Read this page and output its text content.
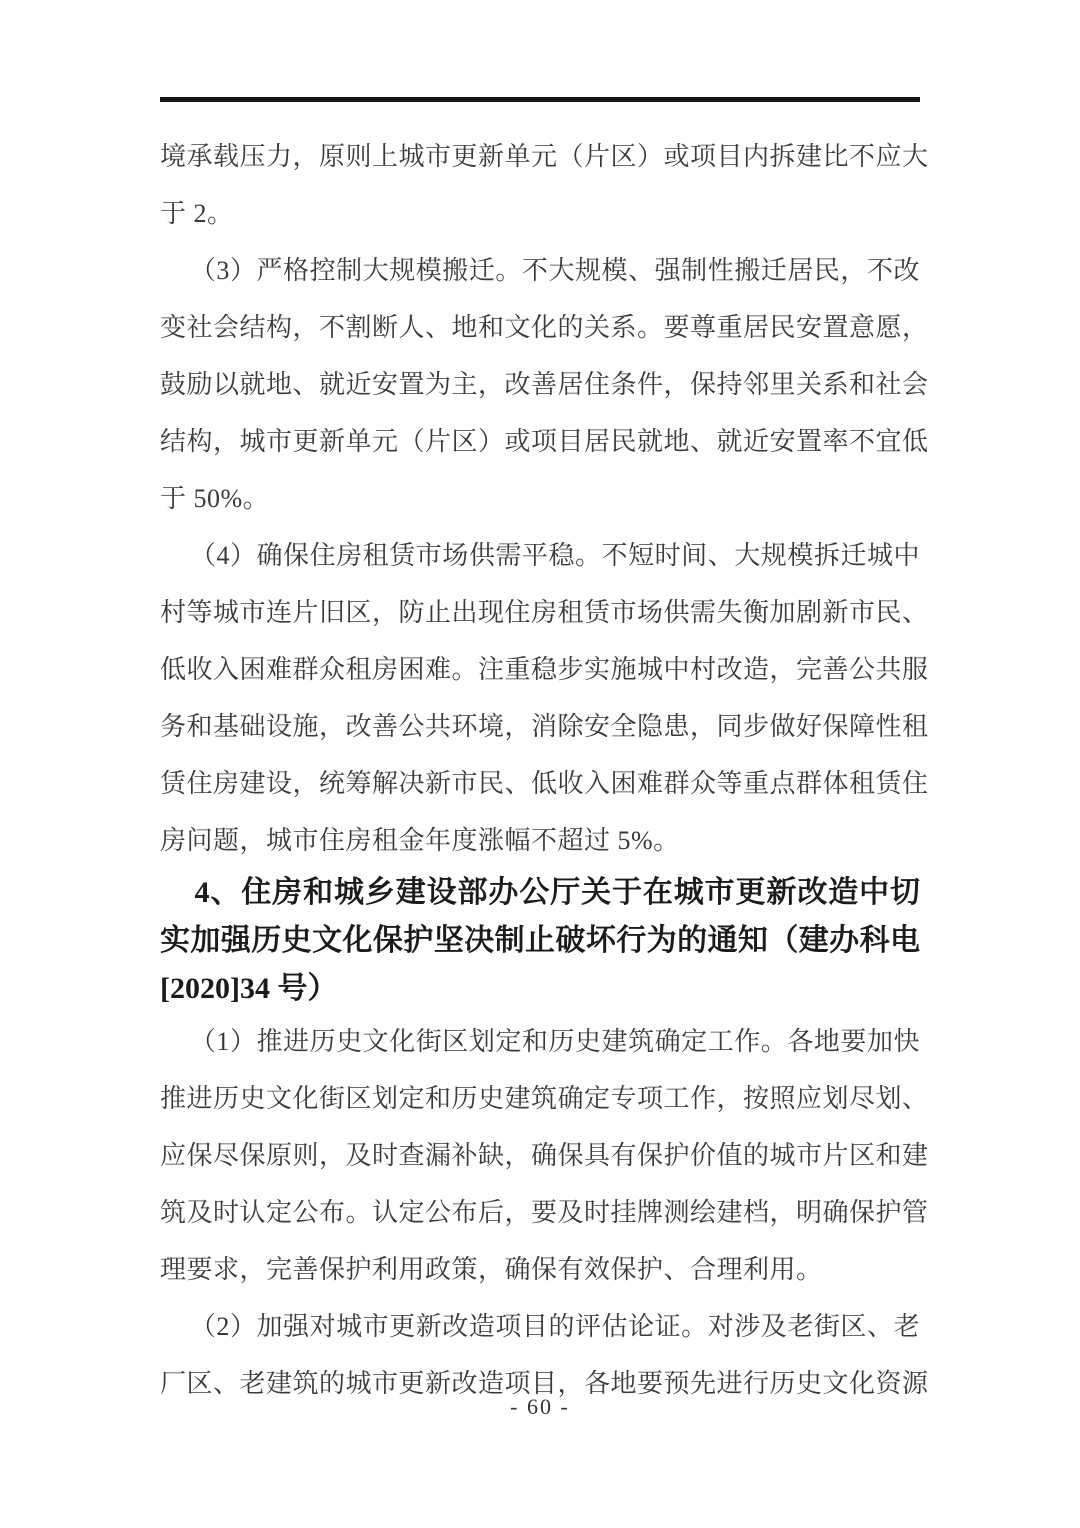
境承载压力，原则上城市更新单元（片区）或项目内拆建比不应大
于 2。
（3）严格控制大规模搬迁。不大规模、强制性搬迁居民，不改
变社会结构，不割断人、地和文化的关系。要尊重居民安置意愿，
鼓励以就地、就近安置为主，改善居住条件，保持邻里关系和社会
结构，城市更新单元（片区）或项目居民就地、就近安置率不宜低
于 50%。
（4）确保住房租赁市场供需平稳。不短时间、大规模拆迁城中
村等城市连片旧区，防止出现住房租赁市场供需失衡加剧新市民、
低收入困难群众租房困难。注重稳步实施城中村改造，完善公共服
务和基础设施，改善公共环境，消除安全隐患，同步做好保障性租
赁住房建设，统筹解决新市民、低收入困难群众等重点群体租赁住
房问题，城市住房租金年度涨幅不超过 5%。
4、住房和城乡建设部办公厅关于在城市更新改造中切
实加强历史文化保护坚决制止破坏行为的通知（建办科电
[2020]34 号）
（1）推进历史文化街区划定和历史建筑确定工作。各地要加快
推进历史文化街区划定和历史建筑确定专项工作，按照应划尽划、
应保尽保原则，及时查漏补缺，确保具有保护价值的城市片区和建
筑及时认定公布。认定公布后，要及时挂牌测绘建档，明确保护管
理要求，完善保护利用政策，确保有效保护、合理利用。
（2）加强对城市更新改造项目的评估论证。对涉及老街区、老
厂区、老建筑的城市更新改造项目，各地要预先进行历史文化资源
- 60 -
